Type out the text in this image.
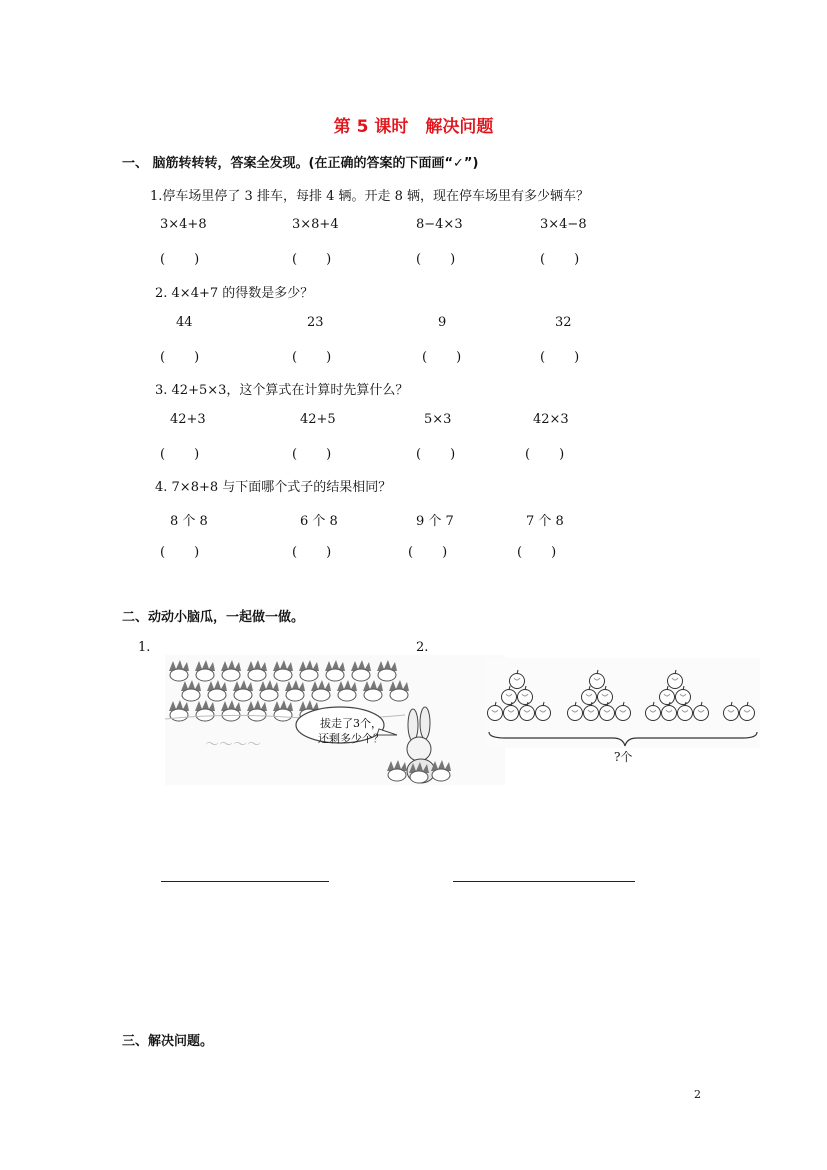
第 5 课时　解决问题
一、 脑筋转转转，答案全发现。(在正确的答案的下面画“✓”)
1.停车场里停了 3 排车，每排 4 辆。开走 8 辆，现在停车场里有多少辆车？
3×4+8	3×8+4	8−4×3	3×4−8
(　　)	(　　)	(　　)	(　　)
2. 4×4+7 的得数是多少？
44	23	9	32
(　　)	(　　)	(　　)	(　　)
3. 42+5×3，这个算式在计算时先算什么？
42+3	42+5	5×3	42×3
(　　)	(　　)	(　　)	(　　)
4. 7×8+8 与下面哪个式子的结果相同？
8 个 8	6 个 8	9 个 7	7 个 8
(　　)	(　　)	(　　)	(　　)
二、动动小脑瓜，一起做一做。
1.	2.
～～～～
拔走了3个，
还剩多少个？
?个
三、解决问题。
2
